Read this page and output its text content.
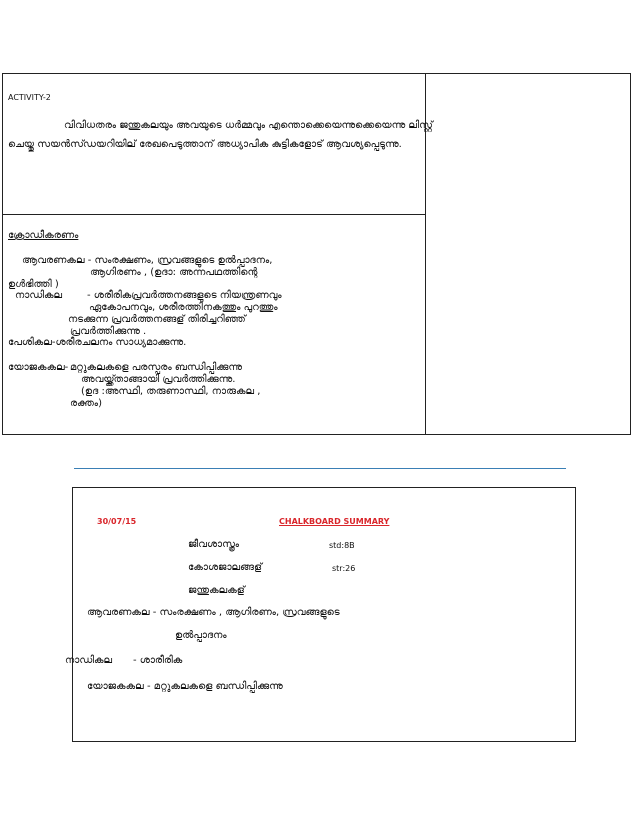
ACTIVITY-2
വിവിധതരം ജന്തുകലയും അവയുടെ ധർമ്മവും എന്തൊക്കെയെന്നുക്കെയെന്നു ലിസ്റ്റ്
ചെയ്തു സയൻസ്ഡയറിയില് രേഖപെടുത്താന് അധ്യാപിക കുട്ടികളോട് ആവശ്യപ്പെടുന്നു.
ക്രോഡീകരണം
ആവരണകല - സംരക്ഷണം, സ്രവങ്ങളുടെ ഉൽപ്പാദനം,
ആഗിരണം , (ഉദാ: അന്നപഥത്തിന്റെ
ഉൾഭിത്തി )
നാഡികല - ശരീരികപ്രവർത്തനങ്ങളുടെ നിയന്ത്രണവും
ഏകോപനവും, ശരീരത്തിനകത്തും പുറത്തും
നടക്കുന്ന പ്രവർത്തനങ്ങള് തിരിച്ചറിഞ്ഞ്
പ്രവർത്തിക്കുന്നു .
പേശികല-ശരീരചലനം സാധ്യമാക്കുന്നു.
യോജകകല- മറ്റുകലകളെ പരസ്പരം ബന്ധിപ്പിക്കുന്നു
അവയ്ക്ക്താങ്ങായി പ്രവർത്തിക്കുന്നു.
(ഉദ :അസ്ഥി, തരുണാസ്ഥി, നാരുകല ,
രക്തം)
30/07/15	CHALKBOARD SUMMARY
ജീവശാസ്ത്രം	std:8B
കോശജാലങ്ങള്	str:26
ജന്തുകലകള്
ആവരണകല - സംരക്ഷണം , ആഗിരണം, സ്രവങ്ങളുടെ
ഉൽപ്പാദനം
നാഡികല - ശാരീരിക
യോജകകല - മറ്റുകലകളെ ബന്ധിപ്പിക്കുന്നു
